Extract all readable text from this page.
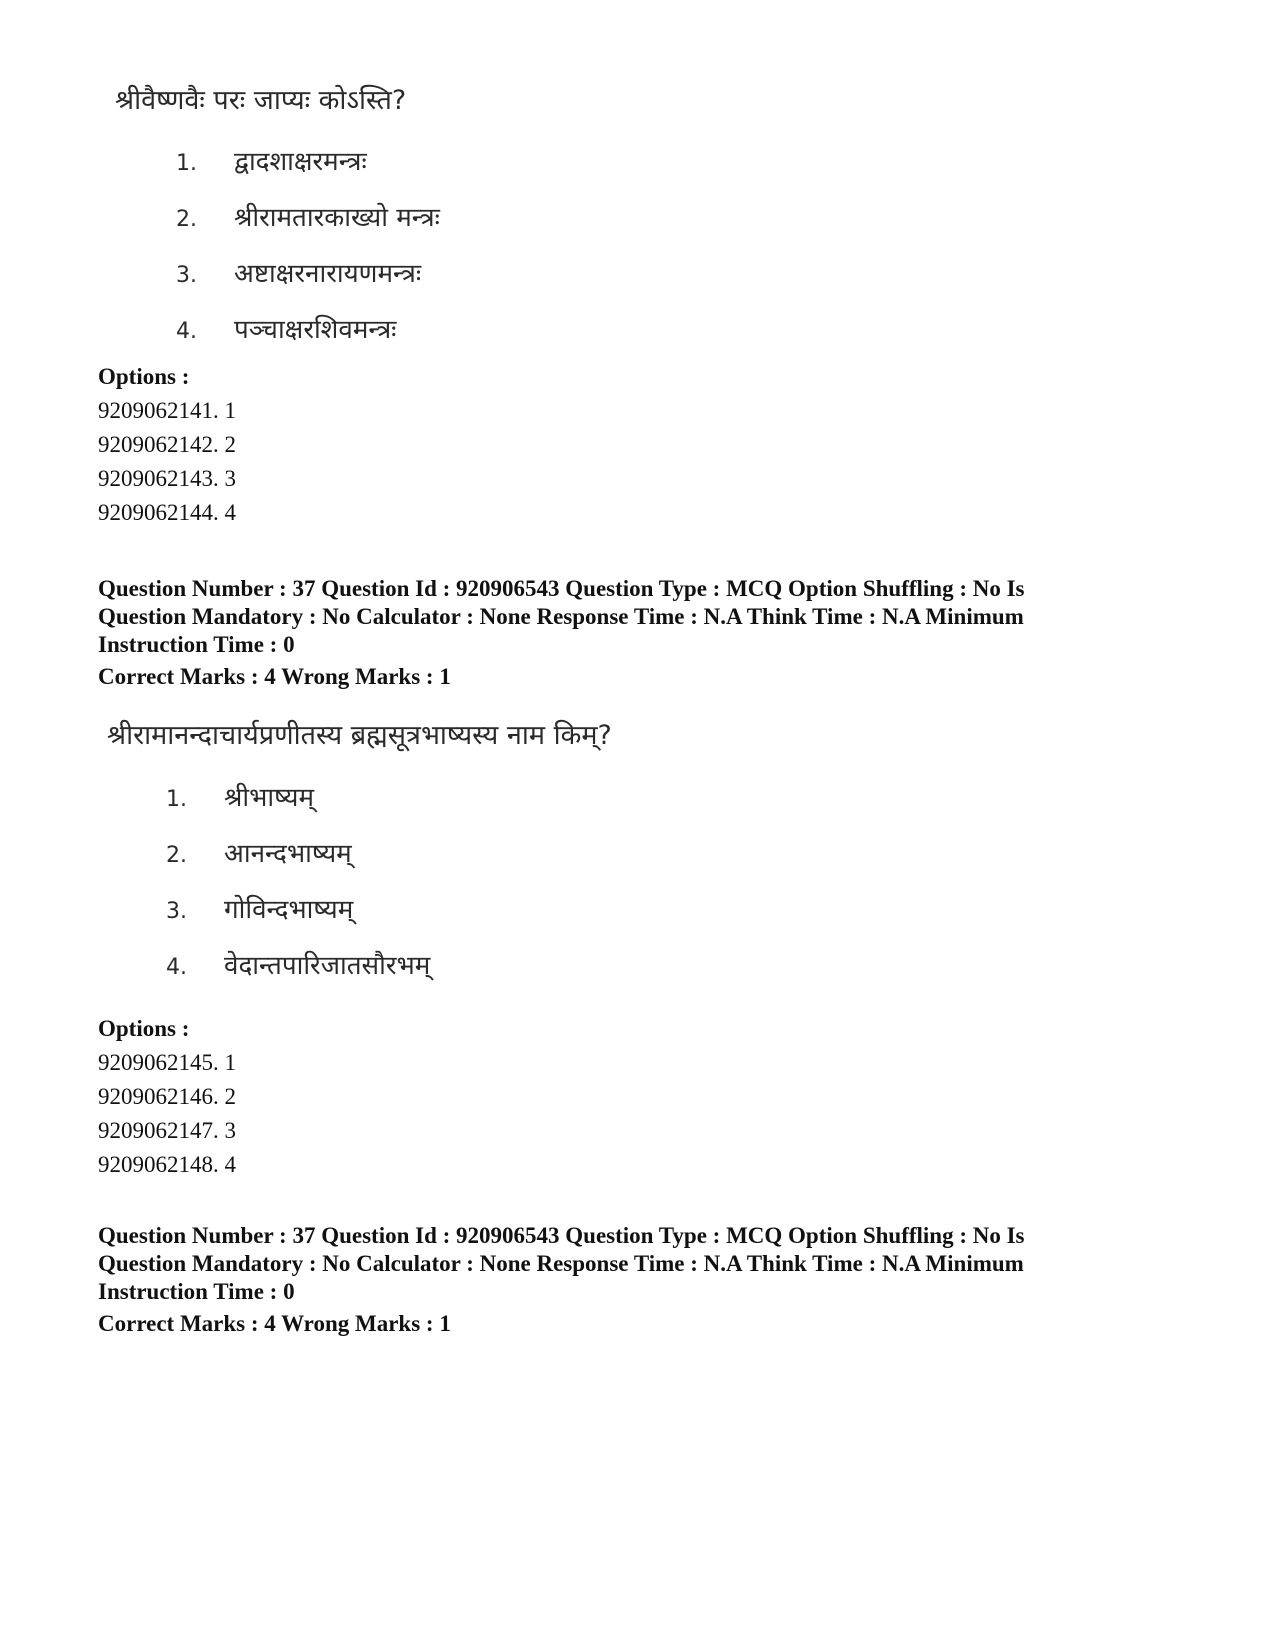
श्रीवैष्णवैः परः जाप्यः कोऽस्ति?
1.	द्वादशाक्षरमन्त्रः
2.	श्रीरामतारकाख्यो मन्त्रः
3.	अष्टाक्षरनारायणमन्त्रः
4.	पञ्चाक्षरशिवमन्त्रः
Options :
9209062141. 1
9209062142. 2
9209062143. 3
9209062144. 4
Question Number : 37 Question Id : 920906543 Question Type : MCQ Option Shuffling : No Is Question Mandatory : No Calculator : None Response Time : N.A Think Time : N.A Minimum Instruction Time : 0
Correct Marks : 4 Wrong Marks : 1
श्रीरामानन्दाचार्यप्रणीतस्य ब्रह्मसूत्रभाष्यस्य नाम किम्?
1.	श्रीभाष्यम्
2.	आनन्दभाष्यम्
3.	गोविन्दभाष्यम्
4.	वेदान्तपारिजातसौरभम्
Options :
9209062145. 1
9209062146. 2
9209062147. 3
9209062148. 4
Question Number : 37 Question Id : 920906543 Question Type : MCQ Option Shuffling : No Is Question Mandatory : No Calculator : None Response Time : N.A Think Time : N.A Minimum Instruction Time : 0
Correct Marks : 4 Wrong Marks : 1
